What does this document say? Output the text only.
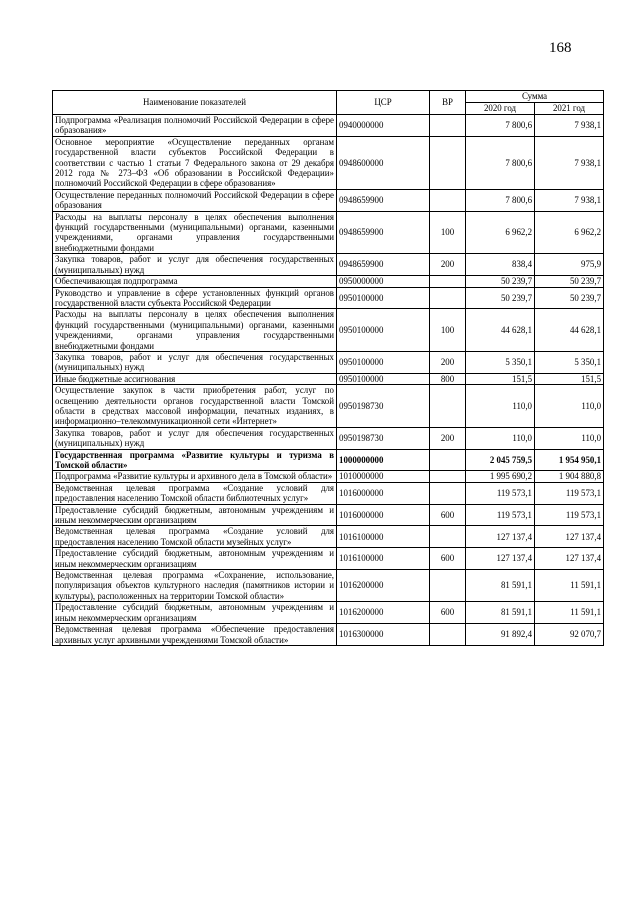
168
Наименование показателей	ЦСР	ВР	Сумма	
			2020 год	2021 год
Подпрограмма «Реализация полномочий Российской Федерации в сфере образования»	0940000000		7 800,6	7 938,1
Основное мероприятие «Осуществление переданных органам государственной власти субъектов Российской Федерации в соответствии с частью 1 статьи 7 Федерального закона от 29 декабря 2012 года № 273–ФЗ «Об образовании в Российской Федерации» полномочий Российской Федерации в сфере образования»	0948600000		7 800,6	7 938,1
Осуществление переданных полномочий Российской Федерации в сфере образования	0948659900		7 800,6	7 938,1
Расходы на выплаты персоналу в целях обеспечения выполнения функций государственными (муниципальными) органами, казенными учреждениями, органами управления государственными внебюджетными фондами	0948659900	100	6 962,2	6 962,2
Закупка товаров, работ и услуг для обеспечения государственных (муниципальных) нужд	0948659900	200	838,4	975,9
Обеспечивающая подпрограмма	0950000000		50 239,7	50 239,7
Руководство и управление в сфере установленных функций органов государственной власти субъекта Российской Федерации	0950100000		50 239,7	50 239,7
Расходы на выплаты персоналу в целях обеспечения выполнения функций государственными (муниципальными) органами, казенными учреждениями, органами управления государственными внебюджетными фондами	0950100000	100	44 628,1	44 628,1
Закупка товаров, работ и услуг для обеспечения государственных (муниципальных) нужд	0950100000	200	5 350,1	5 350,1
Иные бюджетные ассигнования	0950100000	800	151,5	151,5
Осуществление закупок в части приобретения работ, услуг по освещению деятельности органов государственной власти Томской области в средствах массовой информации, печатных изданиях, в информационно–телекоммуникационной сети «Интернет»	0950198730		110,0	110,0
Закупка товаров, работ и услуг для обеспечения государственных (муниципальных) нужд	0950198730	200	110,0	110,0
Государственная программа «Развитие культуры и туризма в Томской области»	1000000000		2 045 759,5	1 954 950,1
Подпрограмма «Развитие культуры и архивного дела в Томской области»	1010000000		1 995 690,2	1 904 880,8
Ведомственная целевая программа «Создание условий для предоставления населению Томской области библиотечных услуг»	1016000000		119 573,1	119 573,1
Предоставление субсидий бюджетным, автономным учреждениям и иным некоммерческим организациям	1016000000	600	119 573,1	119 573,1
Ведомственная целевая программа «Создание условий для предоставления населению Томской области музейных услуг»	1016100000		127 137,4	127 137,4
Предоставление субсидий бюджетным, автономным учреждениям и иным некоммерческим организациям	1016100000	600	127 137,4	127 137,4
Ведомственная целевая программа «Сохранение, использование, популяризация объектов культурного наследия (памятников истории и культуры), расположенных на территории Томской области»	1016200000		81 591,1	11 591,1
Предоставление субсидий бюджетным, автономным учреждениям и иным некоммерческим организациям	1016200000	600	81 591,1	11 591,1
Ведомственная целевая программа «Обеспечение предоставления архивных услуг архивными учреждениями Томской области»	1016300000		91 892,4	92 070,7
